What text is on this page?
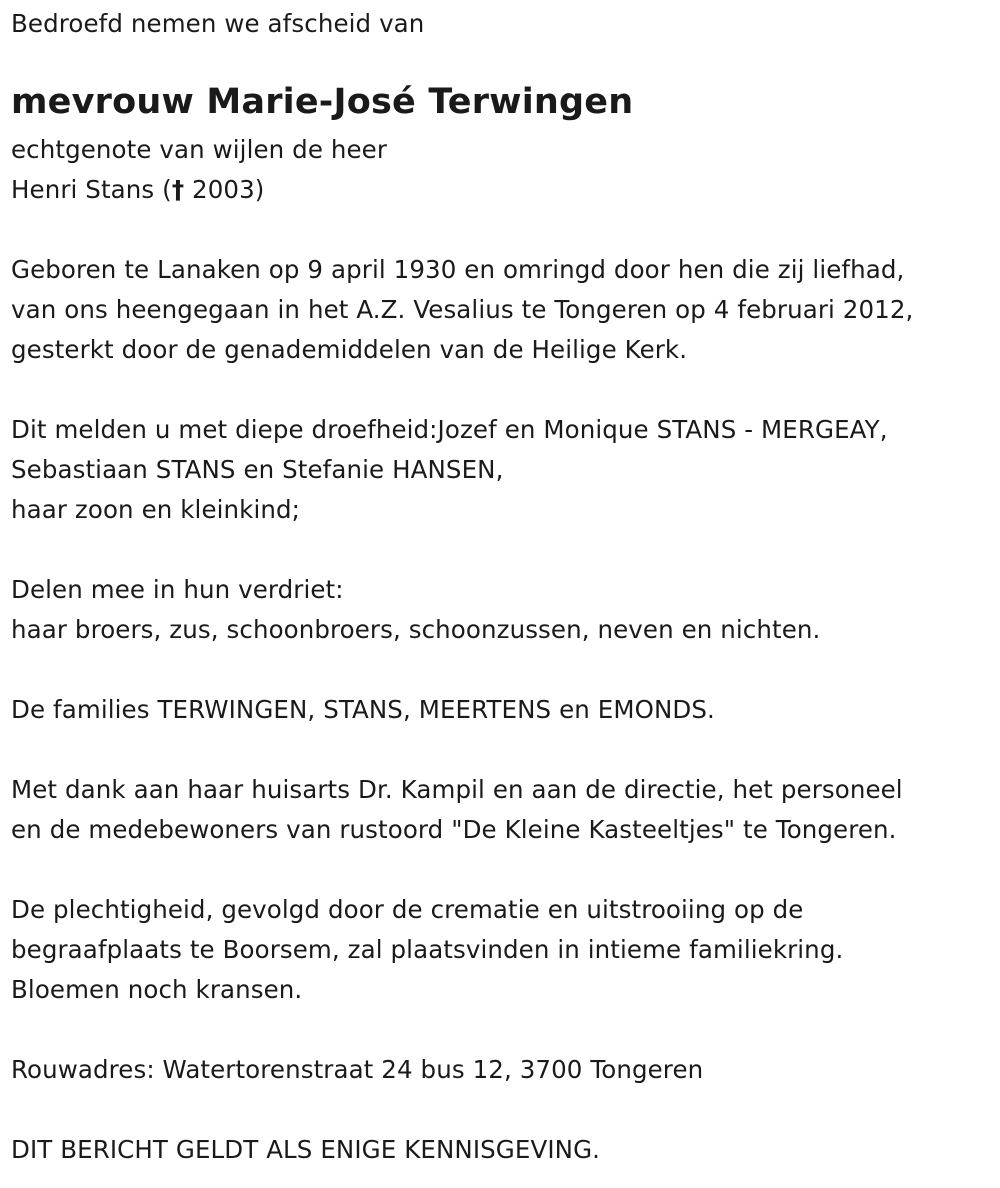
Bedroefd nemen we afscheid van
mevrouw Marie-José Terwingen
echtgenote van wijlen de heer
Henri Stans († 2003)
Geboren te Lanaken op 9 april 1930 en omringd door hen die zij liefhad,
van ons heengegaan in het A.Z. Vesalius te Tongeren op 4 februari 2012,
gesterkt door de genademiddelen van de Heilige Kerk.
Dit melden u met diepe droefheid:Jozef en Monique STANS - MERGEAY,
Sebastiaan STANS en Stefanie HANSEN,
haar zoon en kleinkind;
Delen mee in hun verdriet:
haar broers, zus, schoonbroers, schoonzussen, neven en nichten.
De families TERWINGEN, STANS, MEERTENS en EMONDS.
Met dank aan haar huisarts Dr. Kampil en aan de directie, het personeel
en de medebewoners van rustoord "De Kleine Kasteeltjes" te Tongeren.
De plechtigheid, gevolgd door de crematie en uitstrooiing op de
begraafplaats te Boorsem, zal plaatsvinden in intieme familiekring.
Bloemen noch kransen.
Rouwadres: Watertorenstraat 24 bus 12, 3700 Tongeren
DIT BERICHT GELDT ALS ENIGE KENNISGEVING.
